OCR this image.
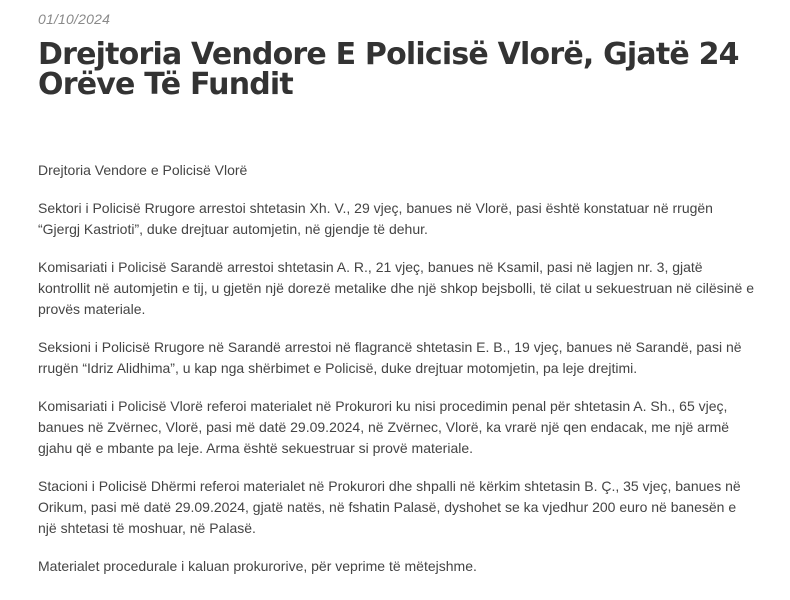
01/10/2024
Drejtoria Vendore E Policisë Vlorë, Gjatë 24 Orëve Të Fundit

Drejtoria Vendore e Policisë Vlorë

Sektori i Policisë Rrugore arrestoi shtetasin Xh. V., 29 vjeç, banues në Vlorë, pasi është konstatuar në rrugën “Gjergj Kastrioti”, duke drejtuar automjetin, në gjendje të dehur.

Komisariati i Policisë Sarandë arrestoi shtetasin A. R., 21 vjeç, banues në Ksamil, pasi në lagjen nr. 3, gjatë kontrollit në automjetin e tij, u gjetën një dorezë metalike dhe një shkop bejsbolli, të cilat u sekuestruan në cilësinë e provës materiale.

Seksioni i Policisë Rrugore në Sarandë arrestoi në flagrancë shtetasin E. B., 19 vjeç, banues në Sarandë, pasi në rrugën “Idriz Alidhima”, u kap nga shërbimet e Policisë, duke drejtuar motomjetin, pa leje drejtimi.

Komisariati i Policisë Vlorë referoi materialet në Prokurori ku nisi procedimin penal për shtetasin A. Sh., 65 vjeç, banues në Zvërnec, Vlorë, pasi më datë 29.09.2024, në Zvërnec, Vlorë, ka vrarë një qen endacak, me një armë gjahu që e mbante pa leje. Arma është sekuestruar si provë materiale.

Stacioni i Policisë Dhërmi referoi materialet në Prokurori dhe shpalli në kërkim shtetasin B. Ç., 35 vjeç, banues në Orikum, pasi më datë 29.09.2024, gjatë natës, në fshatin Palasë, dyshohet se ka vjedhur 200 euro në banesën e një shtetasi të moshuar, në Palasë.

Materialet procedurale i kaluan prokurorive, për veprime të mëtejshme.
